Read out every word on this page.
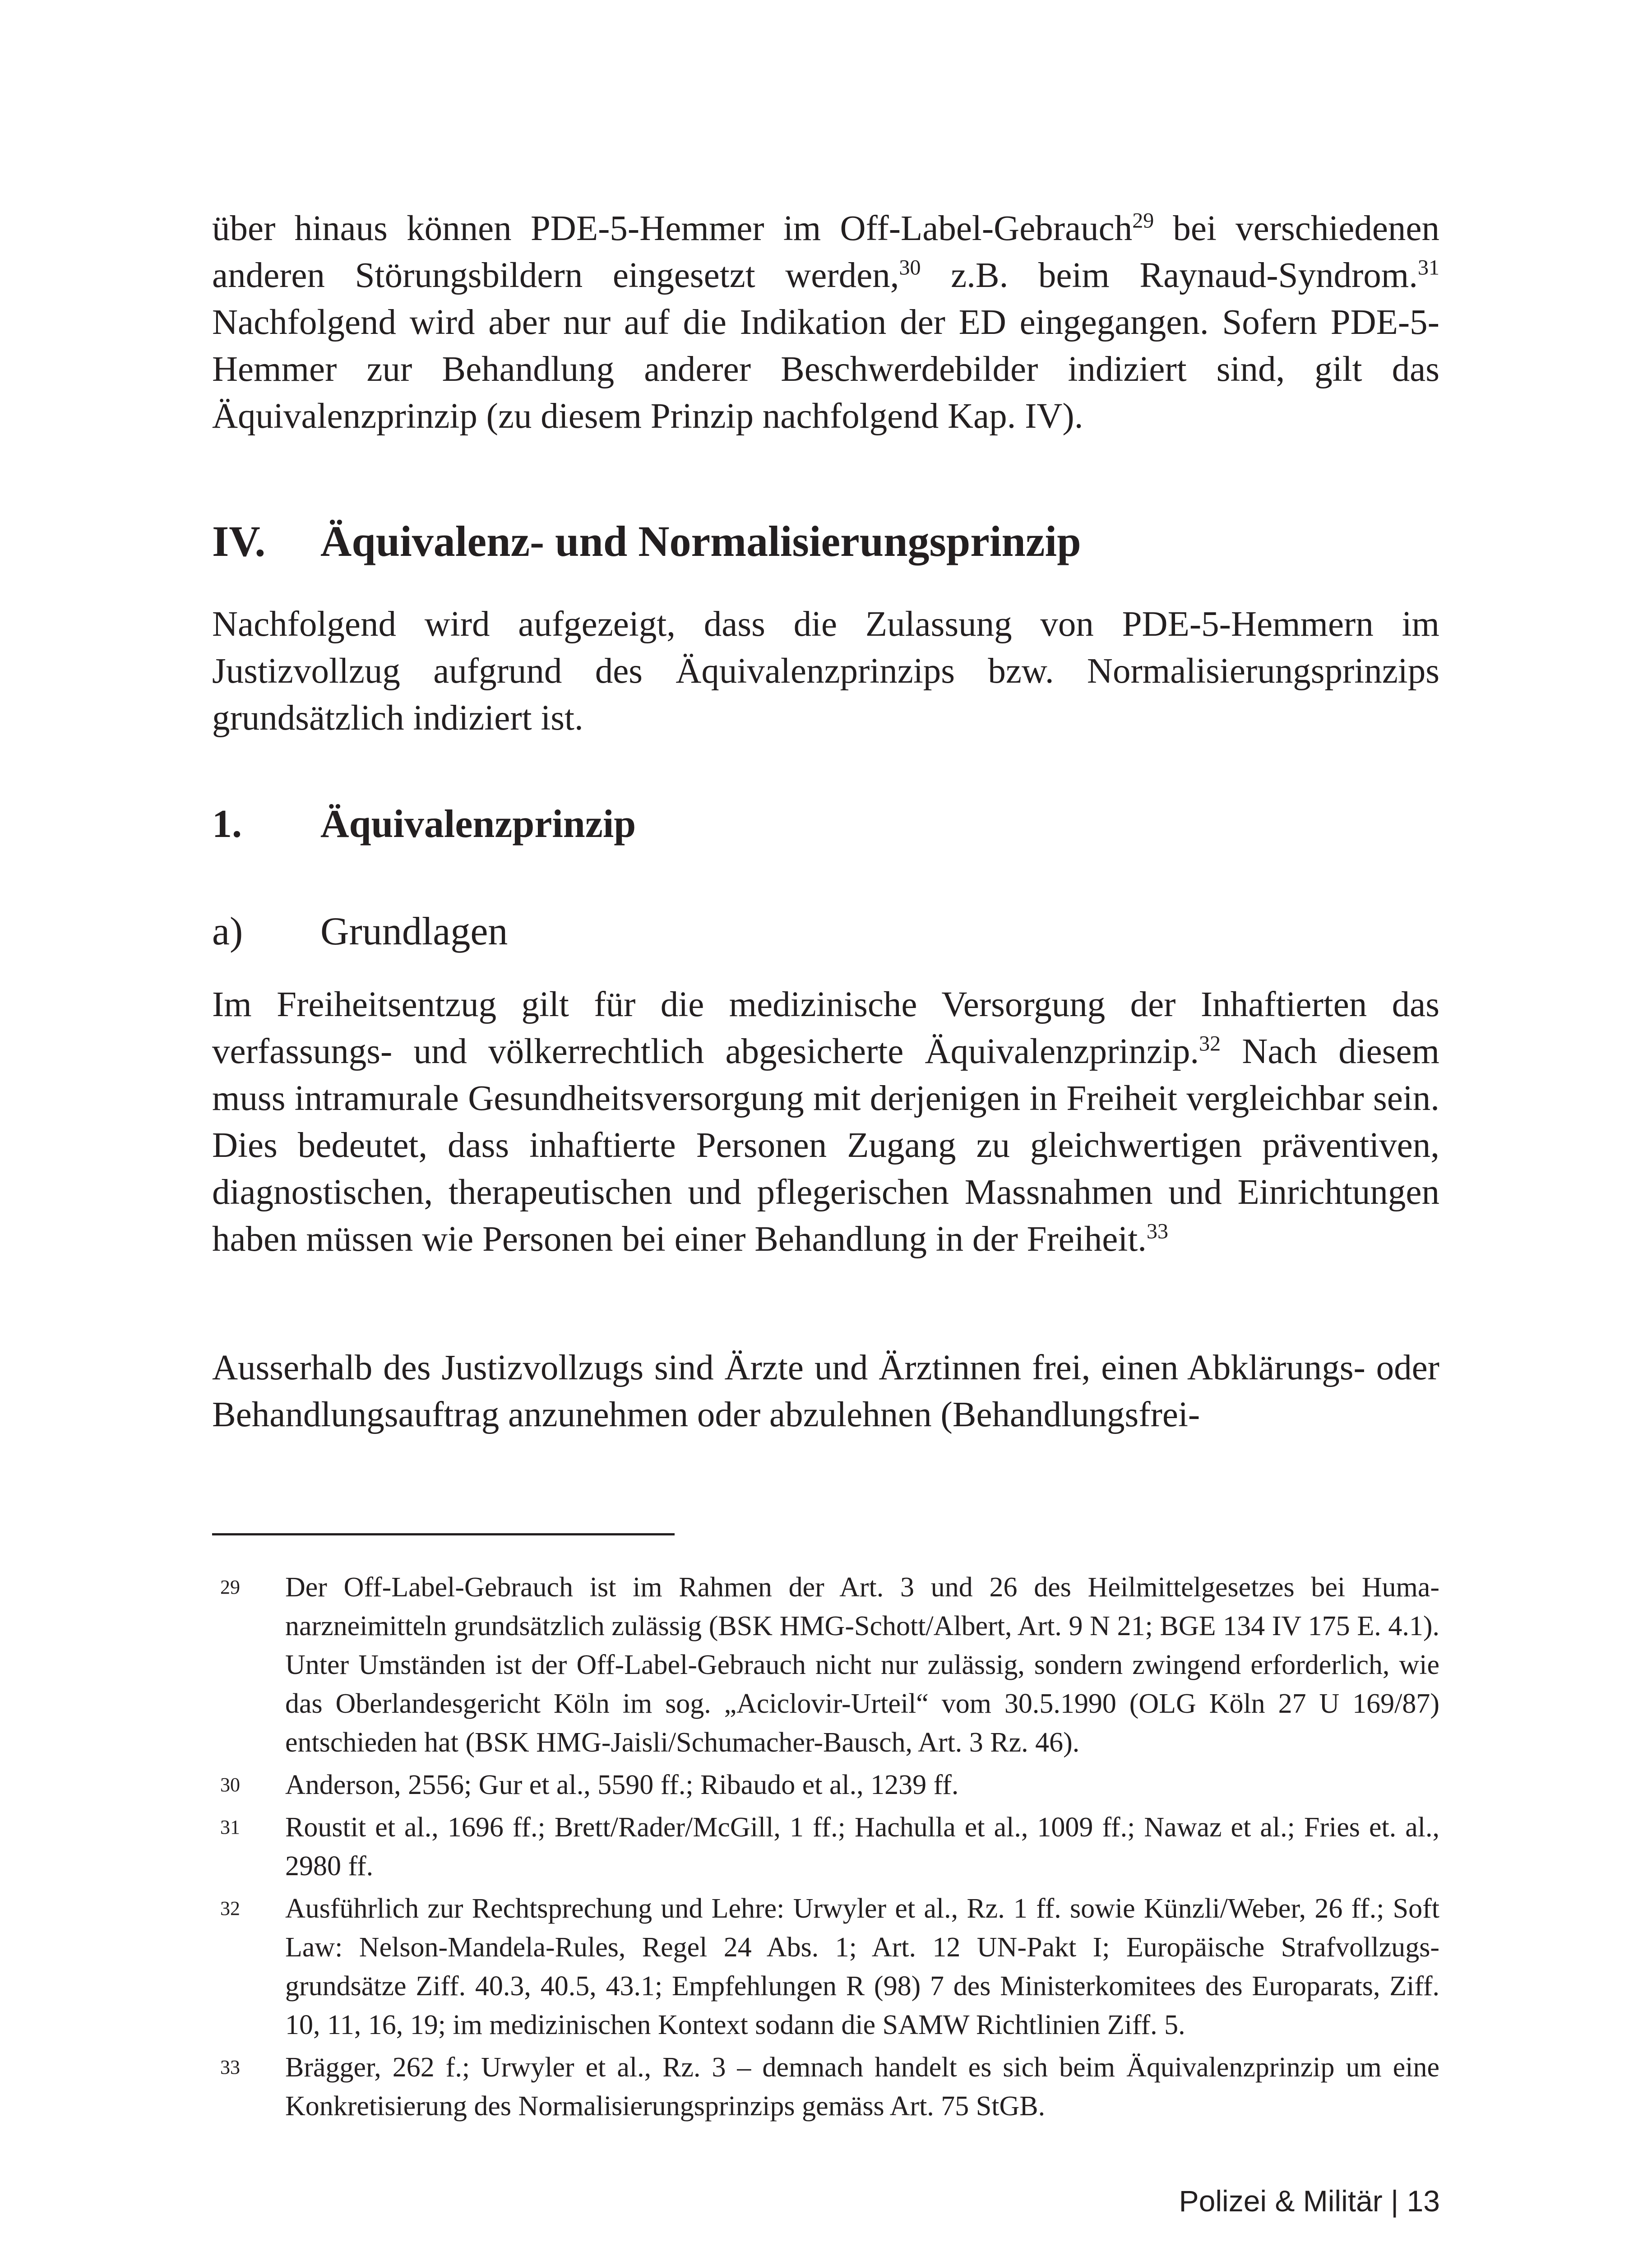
über hinaus können PDE-5-Hemmer im Off-Label-Gebrauch$^{29}$ bei verschiedenen anderen Störungsbildern eingesetzt werden,$^{30}$ z.B. beim Raynaud-Syndrom.$^{31}$ Nachfolgend wird aber nur auf die Indikation der ED eingegangen. Sofern PDE-5-Hemmer zur Behandlung anderer Beschwerdebilder indiziert sind, gilt das Äquivalenzprinzip (zu diesem Prinzip nachfolgend Kap. IV).

IV. Äquivalenz- und Normalisierungsprinzip

Nachfolgend wird aufgezeigt, dass die Zulassung von PDE-5-Hemmern im Justizvollzug aufgrund des Äquivalenzprinzips bzw. Normalisierungsprinzips grundsätzlich indiziert ist.

1. Äquivalenzprinzip
a) Grundlagen

Im Freiheitsentzug gilt für die medizinische Versorgung der Inhaftierten das verfassungs- und völkerrechtlich abgesicherte Äquivalenzprinzip.$^{32}$ Nach diesem muss intramurale Gesundheitsversorgung mit derjenigen in Freiheit vergleichbar sein. Dies bedeutet, dass inhaftierte Personen Zugang zu gleichwertigen präventiven, diagnostischen, therapeutischen und pflegerischen Massnahmen und Einrichtungen haben müssen wie Personen bei einer Behandlung in der Freiheit.$^{33}$

Ausserhalb des Justizvollzugs sind Ärzte und Ärztinnen frei, einen Abklärungs- oder Behandlungsauftrag anzunehmen oder abzulehnen (Behandlungsfrei-

29 Der Off-Label-Gebrauch ist im Rahmen der Art. 3 und 26 des Heilmittelgesetzes bei Humanarzneimitteln grundsätzlich zulässig (BSK HMG-Schott/Albert, Art. 9 N 21; BGE 134 IV 175 E. 4.1). Unter Umständen ist der Off-Label-Gebrauch nicht nur zulässig, sondern zwingend erforderlich, wie das Oberlandesgericht Köln im sog. „Aciclovir-Urteil“ vom 30.5.1990 (OLG Köln 27 U 169/87) entschieden hat (BSK HMG-Jaisli/Schumacher-Bausch, Art. 3 Rz. 46).

30 Anderson, 2556; Gur et al., 5590 ff.; Ribaudo et al., 1239 ff.

31 Roustit et al., 1696 ff.; Brett/Rader/McGill, 1 ff.; Hachulla et al., 1009 ff.; Nawaz et al.; Fries et. al., 2980 ff.

32 Ausführlich zur Rechtsprechung und Lehre: Urwyler et al., Rz. 1 ff. sowie Künzli/Weber, 26 ff.; Soft Law: Nelson-Mandela-Rules, Regel 24 Abs. 1; Art. 12 UN-Pakt I; Europäische Strafvollzugsgrundsätze Ziff. 40.3, 40.5, 43.1; Empfehlungen R (98) 7 des Ministerkomitees des Europarats, Ziff. 10, 11, 16, 19; im medizinischen Kontext sodann die SAMW Richtlinien Ziff. 5.

33 Brägger, 262 f.; Urwyler et al., Rz. 3 – demnach handelt es sich beim Äquivalenzprinzip um eine Konkretisierung des Normalisierungsprinzips gemäss Art. 75 StGB.

Polizei & Militär | 13
